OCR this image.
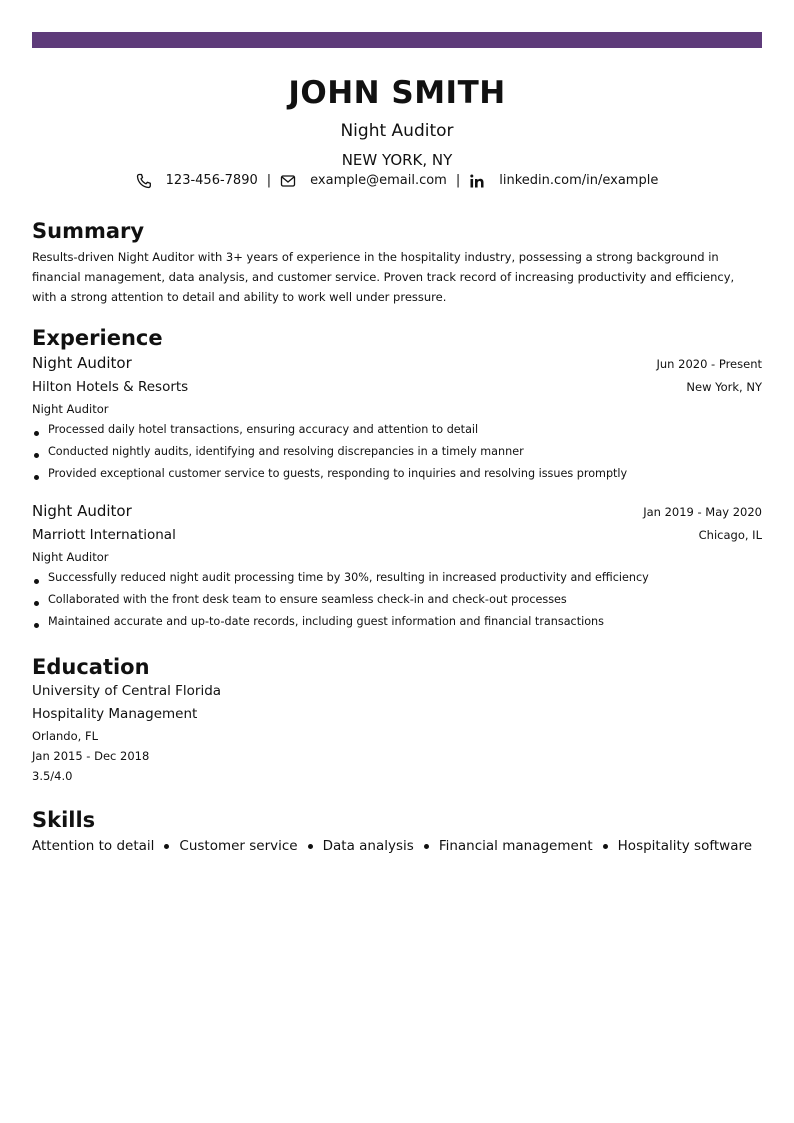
JOHN SMITH
Night Auditor
NEW YORK, NY
123-456-7890 |	example@email.com |	linkedin.com/in/example
Summary
Results-driven Night Auditor with 3+ years of experience in the hospitality industry, possessing a strong background in financial management, data analysis, and customer service. Proven track record of increasing productivity and efficiency, with a strong attention to detail and ability to work well under pressure.
Experience
Night Auditor	Jun 2020 - Present
Hilton Hotels & Resorts	New York, NY
Night Auditor
Processed daily hotel transactions, ensuring accuracy and attention to detail
Conducted nightly audits, identifying and resolving discrepancies in a timely manner
Provided exceptional customer service to guests, responding to inquiries and resolving issues promptly
Night Auditor	Jan 2019 - May 2020
Marriott International	Chicago, IL
Night Auditor
Successfully reduced night audit processing time by 30%, resulting in increased productivity and efficiency
Collaborated with the front desk team to ensure seamless check-in and check-out processes
Maintained accurate and up-to-date records, including guest information and financial transactions
Education
University of Central Florida
Hospitality Management
Orlando, FL
Jan 2015 - Dec 2018
3.5/4.0
Skills
Attention to detail Customer service Data analysis Financial management Hospitality software
